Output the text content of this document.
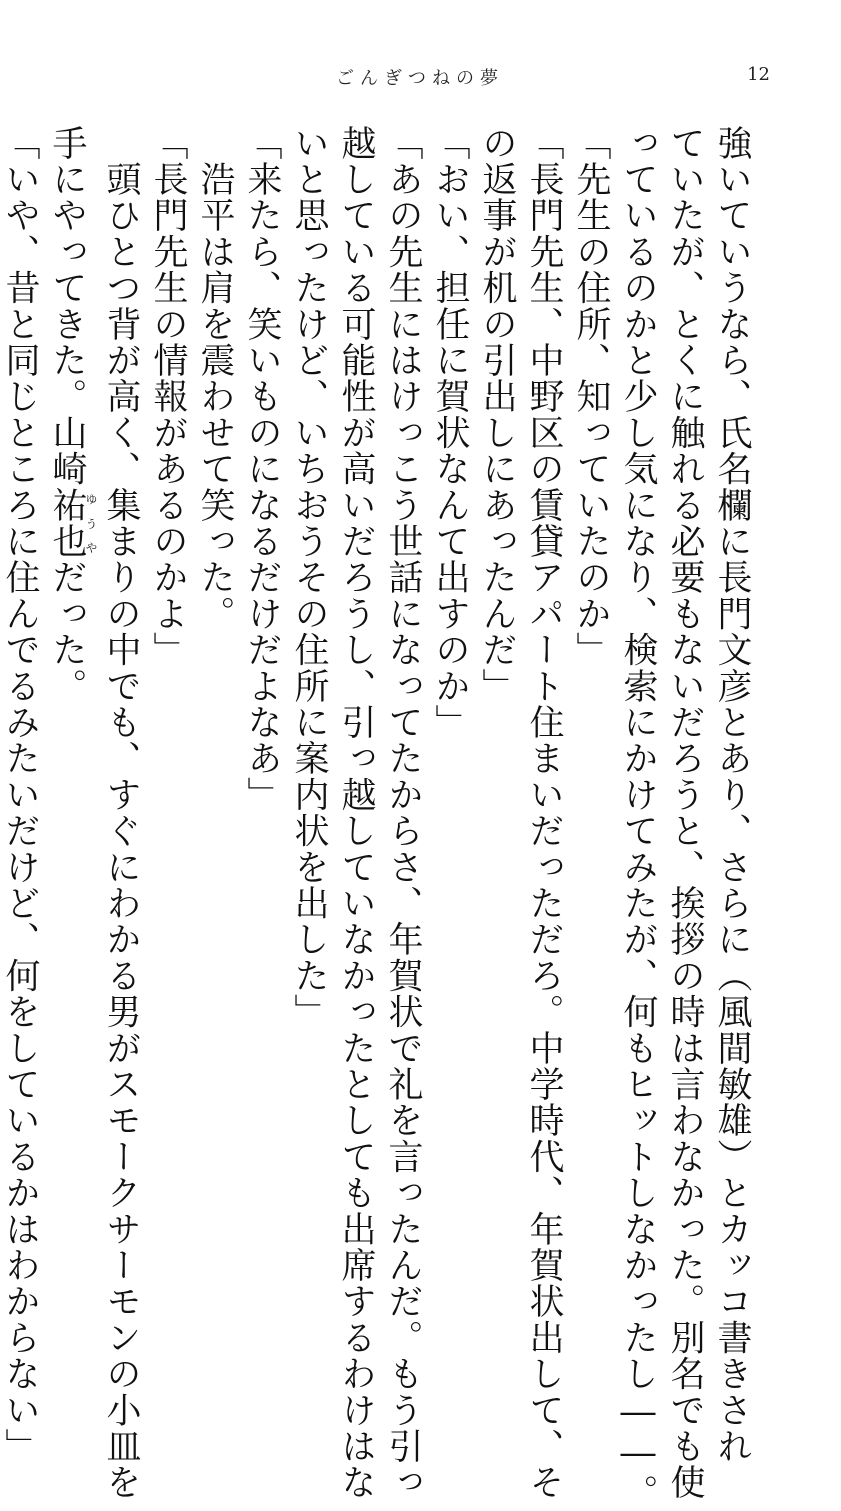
ごんぎつねの夢	12
強いていうなら、氏名欄に長門文彦とあり、さらに（風間敏雄）とカッコ書きされ
ていたが、とくに触れる必要もないだろうと、挨拶の時は言わなかった。別名でも使
っているのかと少し気になり、検索にかけてみたが、何もヒットしなかったし――。
「先生の住所、知っていたのか」
「長門先生、中野区の賃貸アパート住まいだっただろ。中学時代、年賀状出して、そ
の返事が机の引出しにあったんだ」
「おい、担任に賀状なんて出すのか」
「あの先生にはけっこう世話になってたからさ、年賀状で礼を言ったんだ。もう引っ
越している可能性が高いだろうし、引っ越していなかったとしても出席するわけはな
いと思ったけど、いちおうその住所に案内状を出した」
「来たら、笑いものになるだけだよなあ」
　浩平は肩を震わせて笑った。
「長門先生の情報があるのかよ」
　頭ひとつ背が高く、集まりの中でも、すぐにわかる男がスモークサーモンの小皿を
手にやってきた。山崎祐也ゆうやだった。
「いや、昔と同じところに住んでるみたいだけど、何をしているかはわからない」
